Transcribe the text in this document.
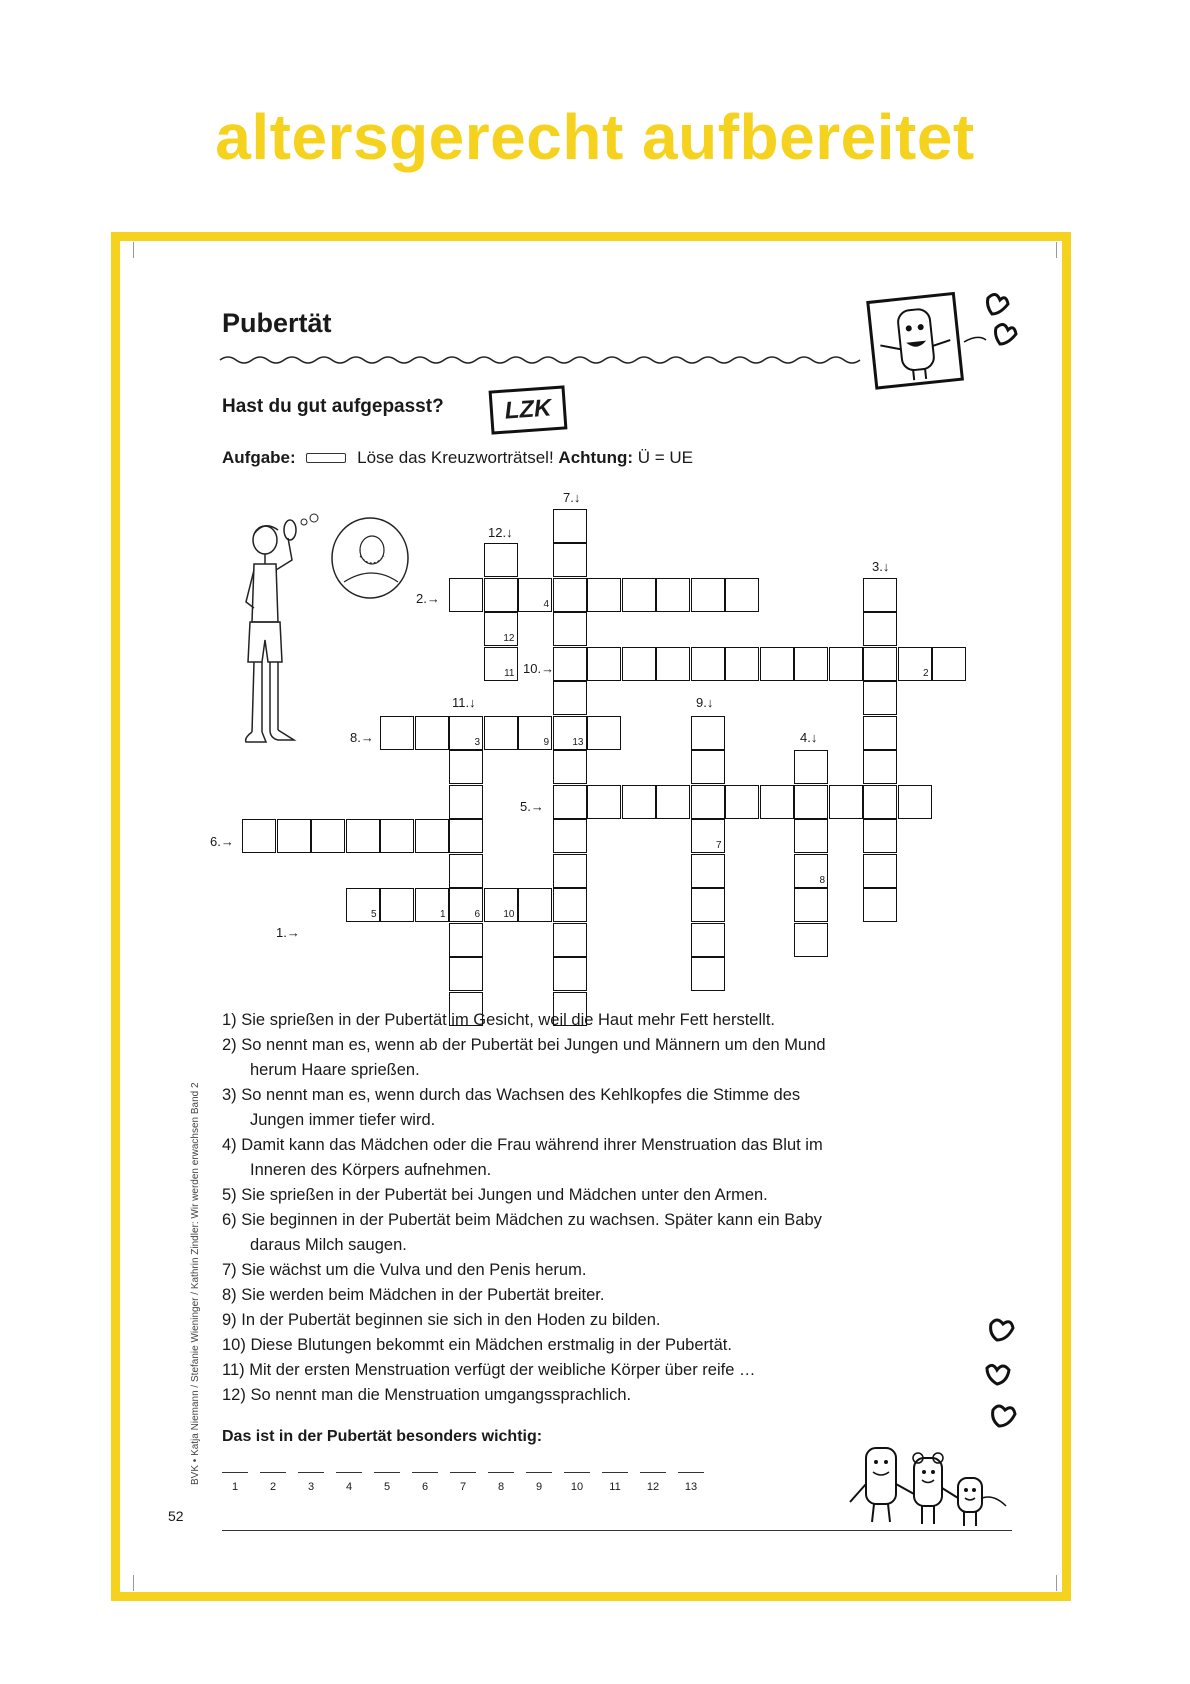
altersgerecht aufbereitet
Pubertät
Hast du gut aufgepasst?	LZK
Aufgabe:	Löse das Kreuzworträtsel! Achtung: Ü = UE
5	1	6 10
4
3	9 13
2
12
11
8
7
1.→
2.→
3.↓
4.↓
5.→
6.→
7.↓
8.→
9.↓
10.→
11.↓
12.↓
1) Sie sprießen in der Pubertät im Gesicht, weil die Haut mehr Fett herstellt.
2) So nennt man es, wenn ab der Pubertät bei Jungen und Männern um den Mund
herum Haare sprießen.
3) So nennt man es, wenn durch das Wachsen des Kehlkopfes die Stimme des
Jungen immer tiefer wird.
4) Damit kann das Mädchen oder die Frau während ihrer Menstruation das Blut im
Inneren des Körpers aufnehmen.
5) Sie sprießen in der Pubertät bei Jungen und Mädchen unter den Armen.
6) Sie beginnen in der Pubertät beim Mädchen zu wachsen. Später kann ein Baby
daraus Milch saugen.
7) Sie wächst um die Vulva und den Penis herum.
8) Sie werden beim Mädchen in der Pubertät breiter.
9) In der Pubertät beginnen sie sich in den Hoden zu bilden.
10) Diese Blutungen bekommt ein Mädchen erstmalig in der Pubertät.
11) Mit der ersten Menstruation verfügt der weibliche Körper über reife …
12) So nennt man die Menstruation umgangssprachlich.
Das ist in der Pubertät besonders wichtig:
1	2	3	4	5	6	7	8	9	10	11	12	13
52
BVK • Katja Niemann / Stefanie Wieninger / Kathrin Zindler: Wir werden erwachsen Band 2
